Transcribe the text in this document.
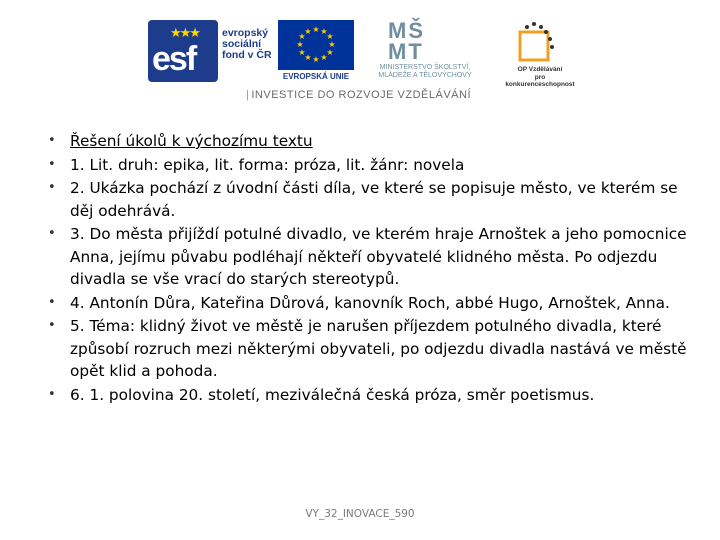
★★★
esf
evropský
sociální
fond v ČR
★ ★
★
★
★
★
★
★
★
★
★
★
EVROPSKÁ UNIE
MŠ
MT
MINISTERSTVO ŠKOLSTVÍ,
MLÁDEŽE A TĚLOVÝCHOVY
OP Vzdělávání
pro konkurenceschopnost
| INVESTICE DO ROZVOJE VZDĚLÁVÁNÍ
• Řešení úkolů k výchozímu textu
• 1. Lit. druh: epika, lit. forma: próza, lit. žánr: novela
• 2. Ukázka pochází z úvodní části díla, ve které se popisuje město, ve kterém se děj odehrává.
• 3. Do města přijíždí potulné divadlo, ve kterém hraje Arnoštek a jeho pomocnice Anna, jejímu půvabu podléhají někteří obyvatelé klidného města. Po odjezdu divadla se vše vrací do starých stereotypů.
• 4. Antonín Důra, Kateřina Důrová, kanovník Roch, abbé Hugo, Arnoštek, Anna.
• 5. Téma: klidný život ve městě je narušen příjezdem potulného divadla, které způsobí rozruch mezi některými obyvateli, po odjezdu divadla nastává ve městě opět klid a pohoda.
• 6. 1. polovina 20. století, meziválečná česká próza, směr poetismus.
VY_32_INOVACE_590
